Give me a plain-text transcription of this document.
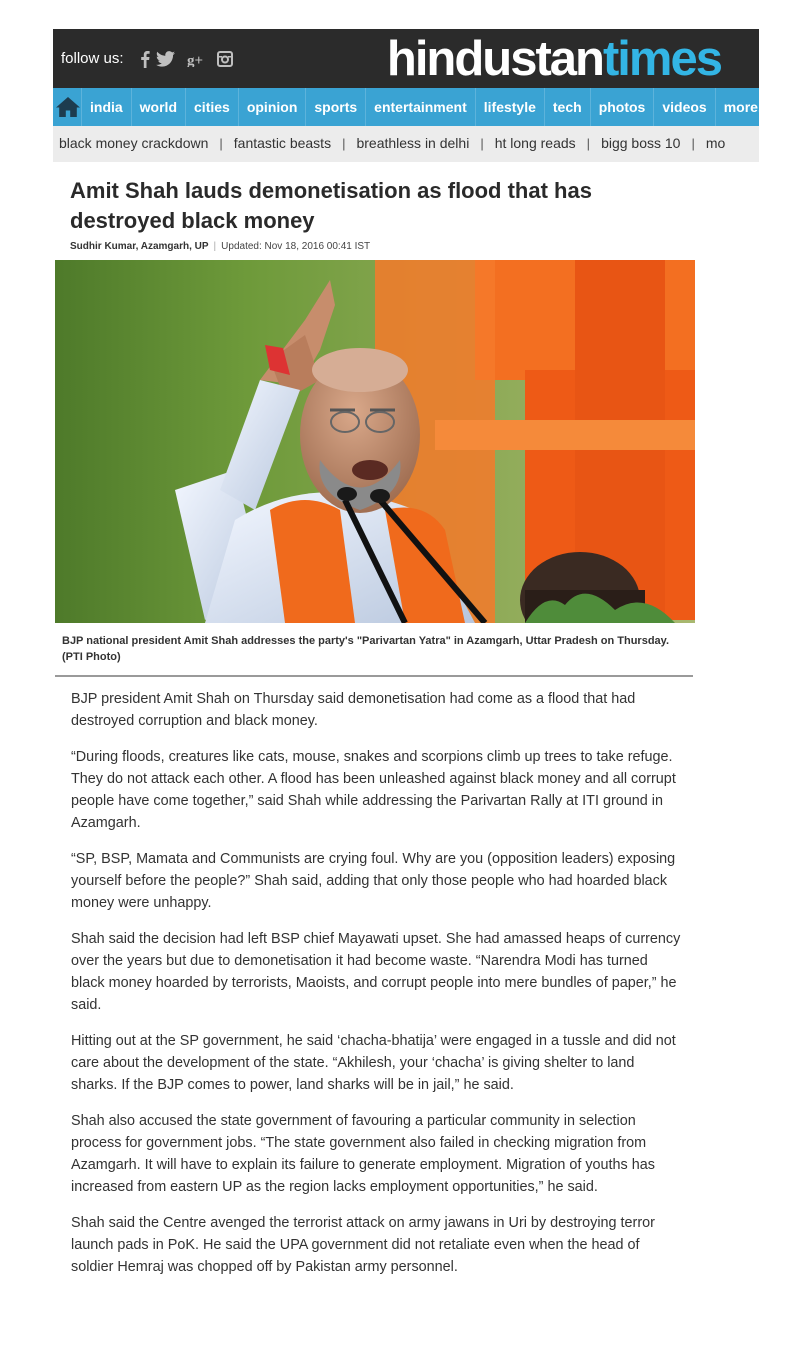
follow us:	g+	hindustantimes
india	world	cities	opinion	sports	entertainment	lifestyle	tech	photos	videos	more...
black money crackdown | fantastic beasts | breathless in delhi | ht long reads | bigg boss 10 | mo
Amit Shah lauds demonetisation as flood that has destroyed black money
Sudhir Kumar, Azamgarh, UP | Updated: Nov 18, 2016 00:41 IST
BJP national president Amit Shah addresses the party's "Parivartan Yatra" in Azamgarh, Uttar Pradesh on Thursday. (PTI Photo)

BJP president Amit Shah on Thursday said demonetisation had come as a flood that had destroyed corruption and black money.

“During floods, creatures like cats, mouse, snakes and scorpions climb up trees to take refuge. They do not attack each other. A flood has been unleashed against black money and all corrupt people have come together,” said Shah while addressing the Parivartan Rally at ITI ground in Azamgarh.

“SP, BSP, Mamata and Communists are crying foul. Why are you (opposition leaders) exposing yourself before the people?” Shah said, adding that only those people who had hoarded black money were unhappy.

Shah said the decision had left BSP chief Mayawati upset. She had amassed heaps of currency over the years but due to demonetisation it had become waste. “Narendra Modi has turned black money hoarded by terrorists, Maoists, and corrupt people into mere bundles of paper,” he said.

Hitting out at the SP government, he said ‘chacha-bhatija’ were engaged in a tussle and did not care about the development of the state. “Akhilesh, your ‘chacha’ is giving shelter to land sharks. If the BJP comes to power, land sharks will be in jail,” he said.

Shah also accused the state government of favouring a particular community in selection process for government jobs. “The state government also failed in checking migration from Azamgarh. It will have to explain its failure to generate employment. Migration of youths has increased from eastern UP as the region lacks employment opportunities,” he said.

Shah said the Centre avenged the terrorist attack on army jawans in Uri by destroying terror launch pads in PoK. He said the UPA government did not retaliate even when the head of soldier Hemraj was chopped off by Pakistan army personnel.
